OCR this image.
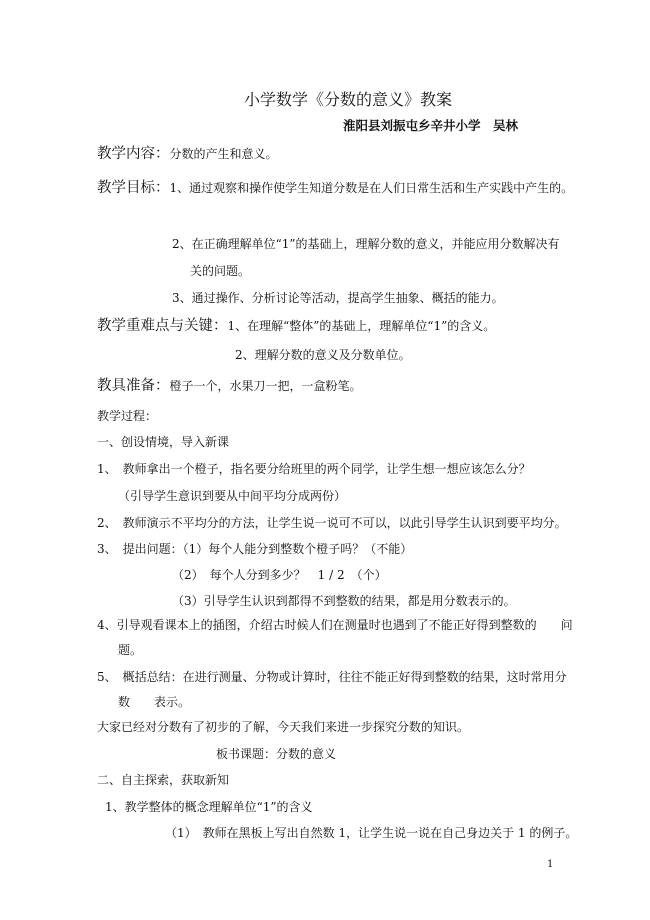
小学数学《分数的意义》教案
淮阳县刘振屯乡辛井小学　吴林
教学内容：分数的产生和意义。
教学目标：1、通过观察和操作使学生知道分数是在人们日常生活和生产实践中产生的。
2、在正确理解单位“1”的基础上，理解分数的意义，并能应用分数解决有
关的问题。
3、通过操作、分析讨论等活动，提高学生抽象、概括的能力。
教学重难点与关键：1、在理解“整体”的基础上，理解单位“1”的含义。
2、理解分数的意义及分数单位。
教具准备：橙子一个，水果刀一把，一盒粉笔。
教学过程：
一、创设情境，导入新课
1、　教师拿出一个橙子，指名要分给班里的两个同学，让学生想一想应该怎么分？
（引导学生意识到要从中间平均分成两份）
2、　教师演示不平均分的方法，让学生说一说可不可以，以此引导学生认识到要平均分。
3、　提出问题：（1）每个人能分到整数个橙子吗？（不能）
（2）　每个人分到多少？　1 / 2　（个）
（3）引导学生认识到都得不到整数的结果，都是用分数表示的。
4、引导观看课本上的插图，介绍古时候人们在测量时也遇到了不能正好得到整数的　　问
题。
5、　概括总结：在进行测量、分物或计算时，往往不能正好得到整数的结果，这时常用分
数　　表示。
大家已经对分数有了初步的了解，今天我们来进一步探究分数的知识。
板书课题：分数的意义
二、自主探索，获取新知
1、教学整体的概念理解单位“1”的含义
（1）　教师在黑板上写出自然数 1，让学生说一说在自己身边关于 1 的例子。
1
